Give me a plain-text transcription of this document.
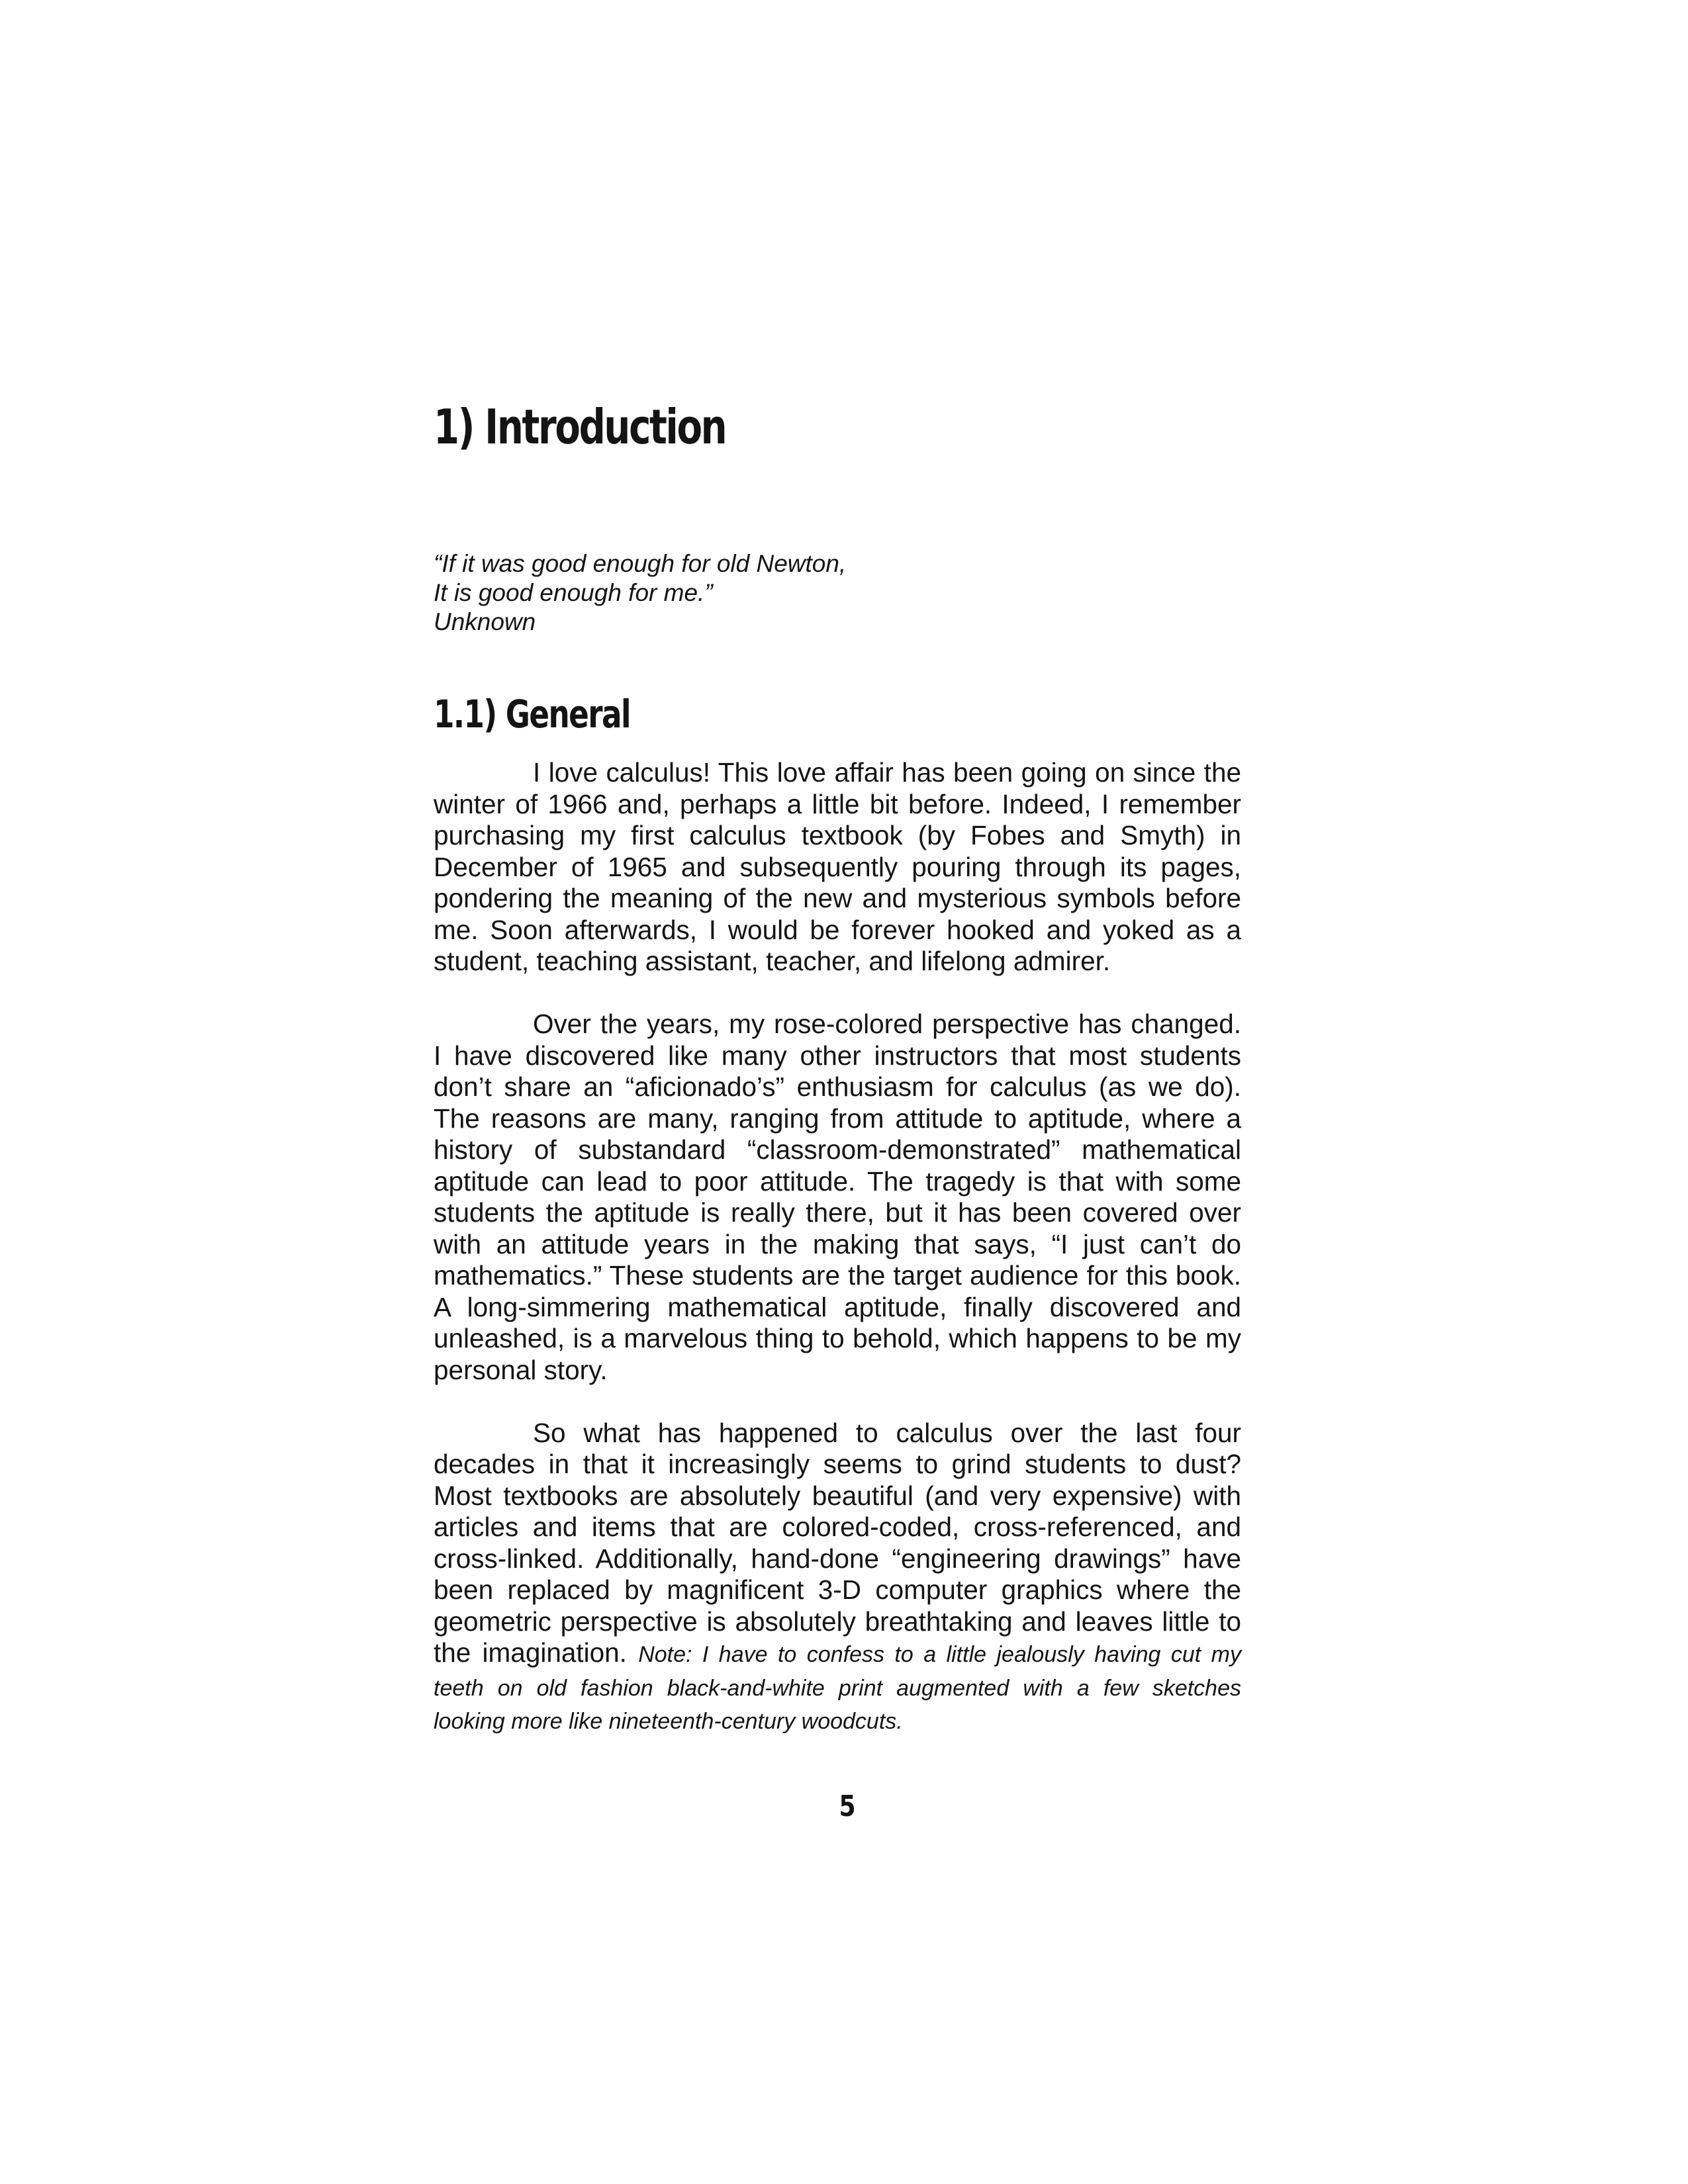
1) Introduction
“If it was good enough for old Newton,
It is good enough for me.”
Unknown
1.1) General

I love calculus! This love affair has been going on since the winter of 1966 and, perhaps a little bit before. Indeed, I remember purchasing my first calculus textbook (by Fobes and Smyth) in December of 1965 and subsequently pouring through its pages, pondering the meaning of the new and mysterious symbols before me. Soon afterwards, I would be forever hooked and yoked as a student, teaching assistant, teacher, and lifelong admirer.

Over the years, my rose-colored perspective has changed. I have discovered like many other instructors that most students don’t share an “aficionado’s” enthusiasm for calculus (as we do). The reasons are many, ranging from attitude to aptitude, where a history of substandard “classroom-demonstrated” mathematical aptitude can lead to poor attitude. The tragedy is that with some students the aptitude is really there, but it has been covered over with an attitude years in the making that says, “I just can’t do mathematics.” These students are the target audience for this book. A long-simmering mathematical aptitude, finally discovered and unleashed, is a marvelous thing to behold, which happens to be my personal story.

So what has happened to calculus over the last four decades in that it increasingly seems to grind students to dust? Most textbooks are absolutely beautiful (and very expensive) with articles and items that are colored-coded, cross-referenced, and cross-linked. Additionally, hand-done “engineering drawings” have been replaced by magnificent 3-D computer graphics where the geometric perspective is absolutely breathtaking and leaves little to the imagination. Note: I have to confess to a little jealously having cut my teeth on old fashion black-and-white print augmented with a few sketches looking more like nineteenth-century woodcuts.

5
